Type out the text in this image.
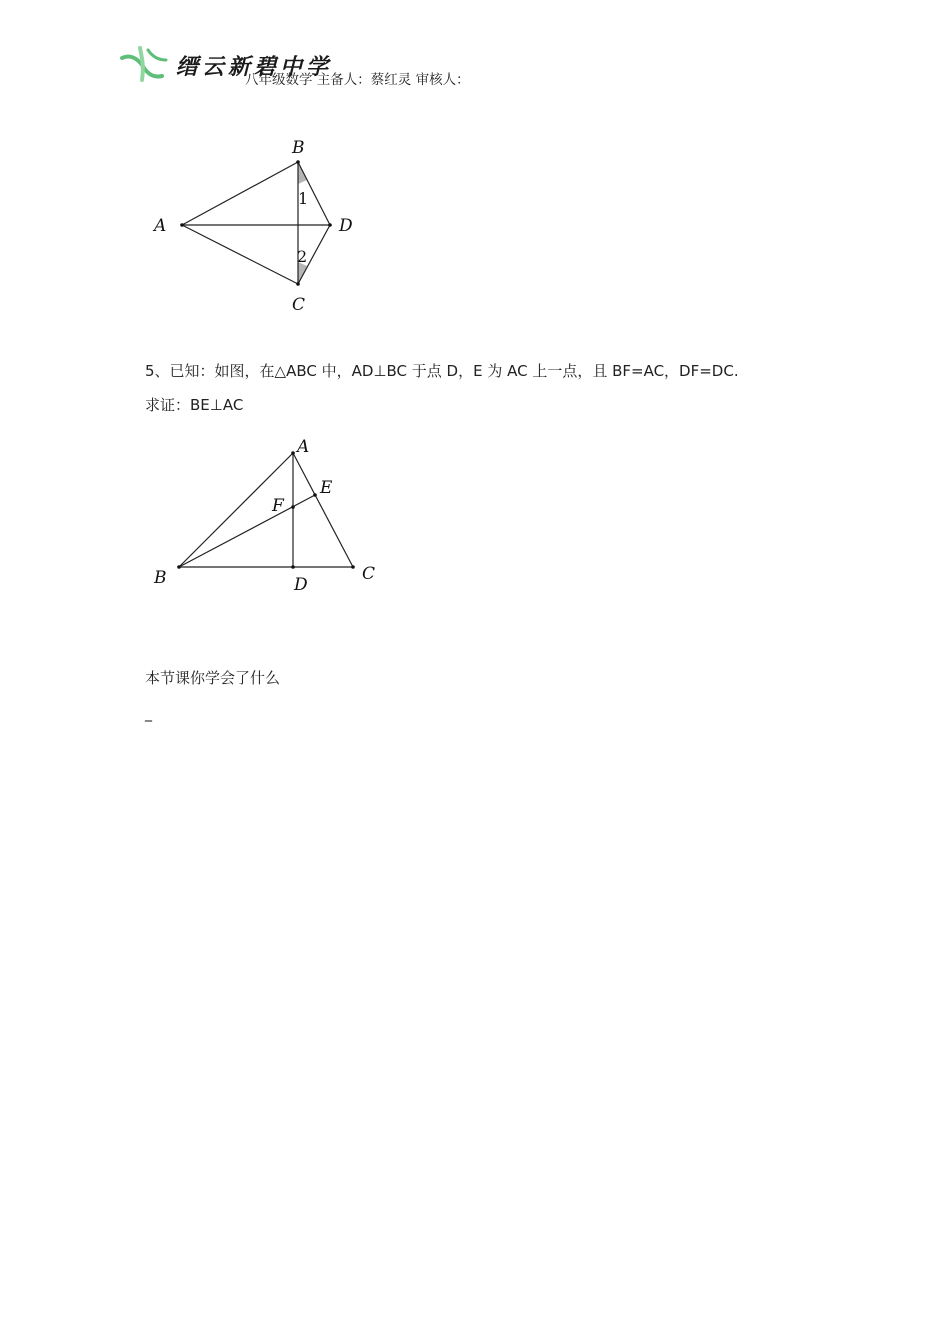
缙云新碧中学
八年级数学 主备人：蔡红灵 审核人：
B
A	D
C
1
2
5、已知：如图，在△ABC 中，AD⊥BC 于点 D，E 为 AC 上一点，且 BF=AC，DF=DC.
求证：BE⊥AC
A
E
F
B	D
C
本节课你学会了什么
_
